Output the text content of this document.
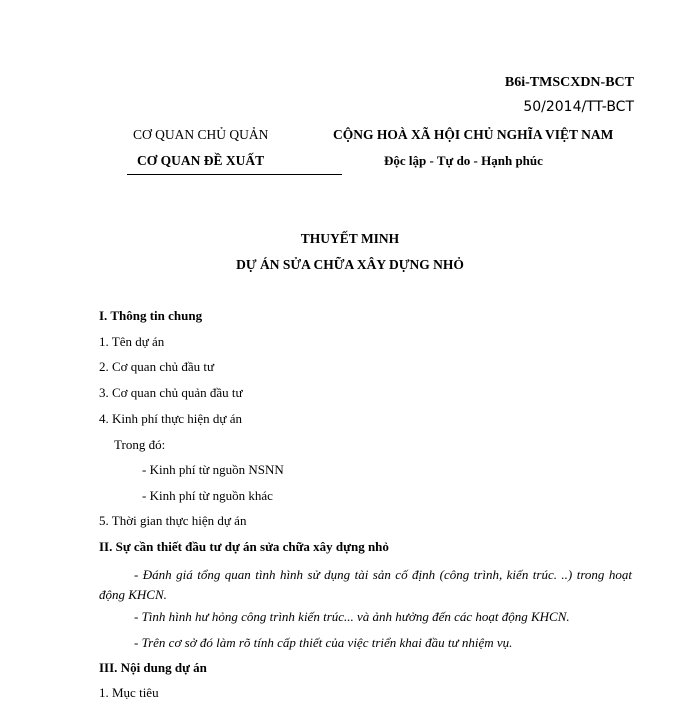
B6i-TMSCXDN-BCT
50/2014/TT-BCT
CƠ QUAN CHỦ QUẢN
CƠ QUAN ĐỀ XUẤT
CỘNG HOÀ XÃ HỘI CHỦ NGHĨA VIỆT NAM
Độc lập - Tự do - Hạnh phúc
THUYẾT MINH
DỰ ÁN SỬA CHỮA XÂY DỰNG NHỎ
I. Thông tin chung
1. Tên dự án
2. Cơ quan chủ đầu tư
3. Cơ quan chủ quản đầu tư
4. Kinh phí thực hiện dự án
Trong đó:
- Kinh phí từ nguồn NSNN
- Kinh phí từ nguồn khác
5. Thời gian thực hiện dự án
II. Sự cần thiết đầu tư dự án sửa chữa xây dựng nhỏ
- Đánh giá tổng quan tình hình sử dụng tài sản cố định (công trình, kiến trúc. ..) trong hoạt động KHCN.
- Tình hình hư hỏng công trình kiến trúc... và ảnh hưởng đến các hoạt động KHCN.
- Trên cơ sở đó làm rõ tính cấp thiết của việc triển khai đầu tư nhiệm vụ.
III. Nội dung dự án
1. Mục tiêu
